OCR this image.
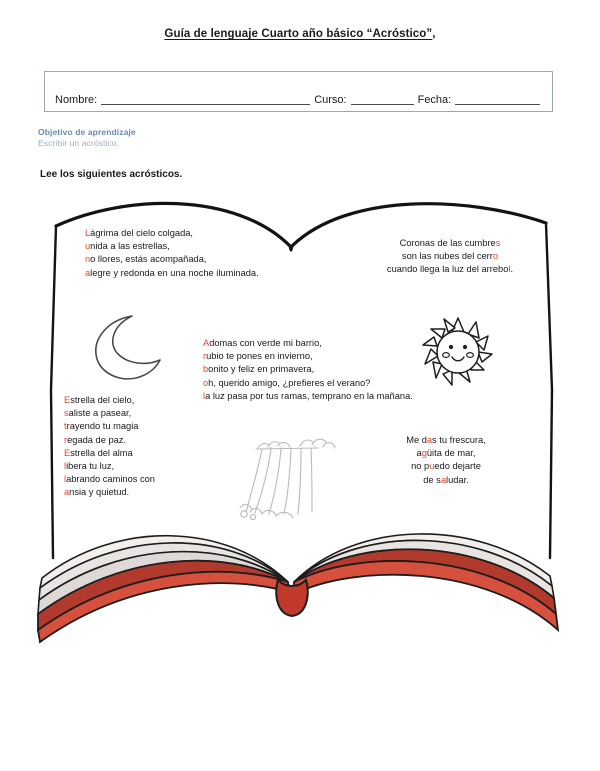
Guía de lenguaje Cuarto año básico “Acróstico”,
Nombre:	Curso:	Fecha:
Objetivo de aprendizaje
Escribir un acróstico.
Lee los siguientes acrósticos.
Lágrima del cielo colgada,
unida a las estrellas,
no llores, estás acompañada,
alegre y redonda en una noche iluminada.
Coronas de las cumbres
son las nubes del cerro
cuando llega la luz del arrebol.
Adomas con verde mi barrio,
rubio te pones en invierno,
bonito y feliz en primavera,
oh, querido amigo, ¿prefieres el verano?
la luz pasa por tus ramas, temprano en la mañana.
Estrella del cielo,
saliste a pasear,
trayendo tu magia
regada de paz.
Estrella del alma
libera tu luz,
labrando caminos con
ansia y quietud.
Me das tu frescura,
agüita de mar,
no puedo dejarte
de saludar.
